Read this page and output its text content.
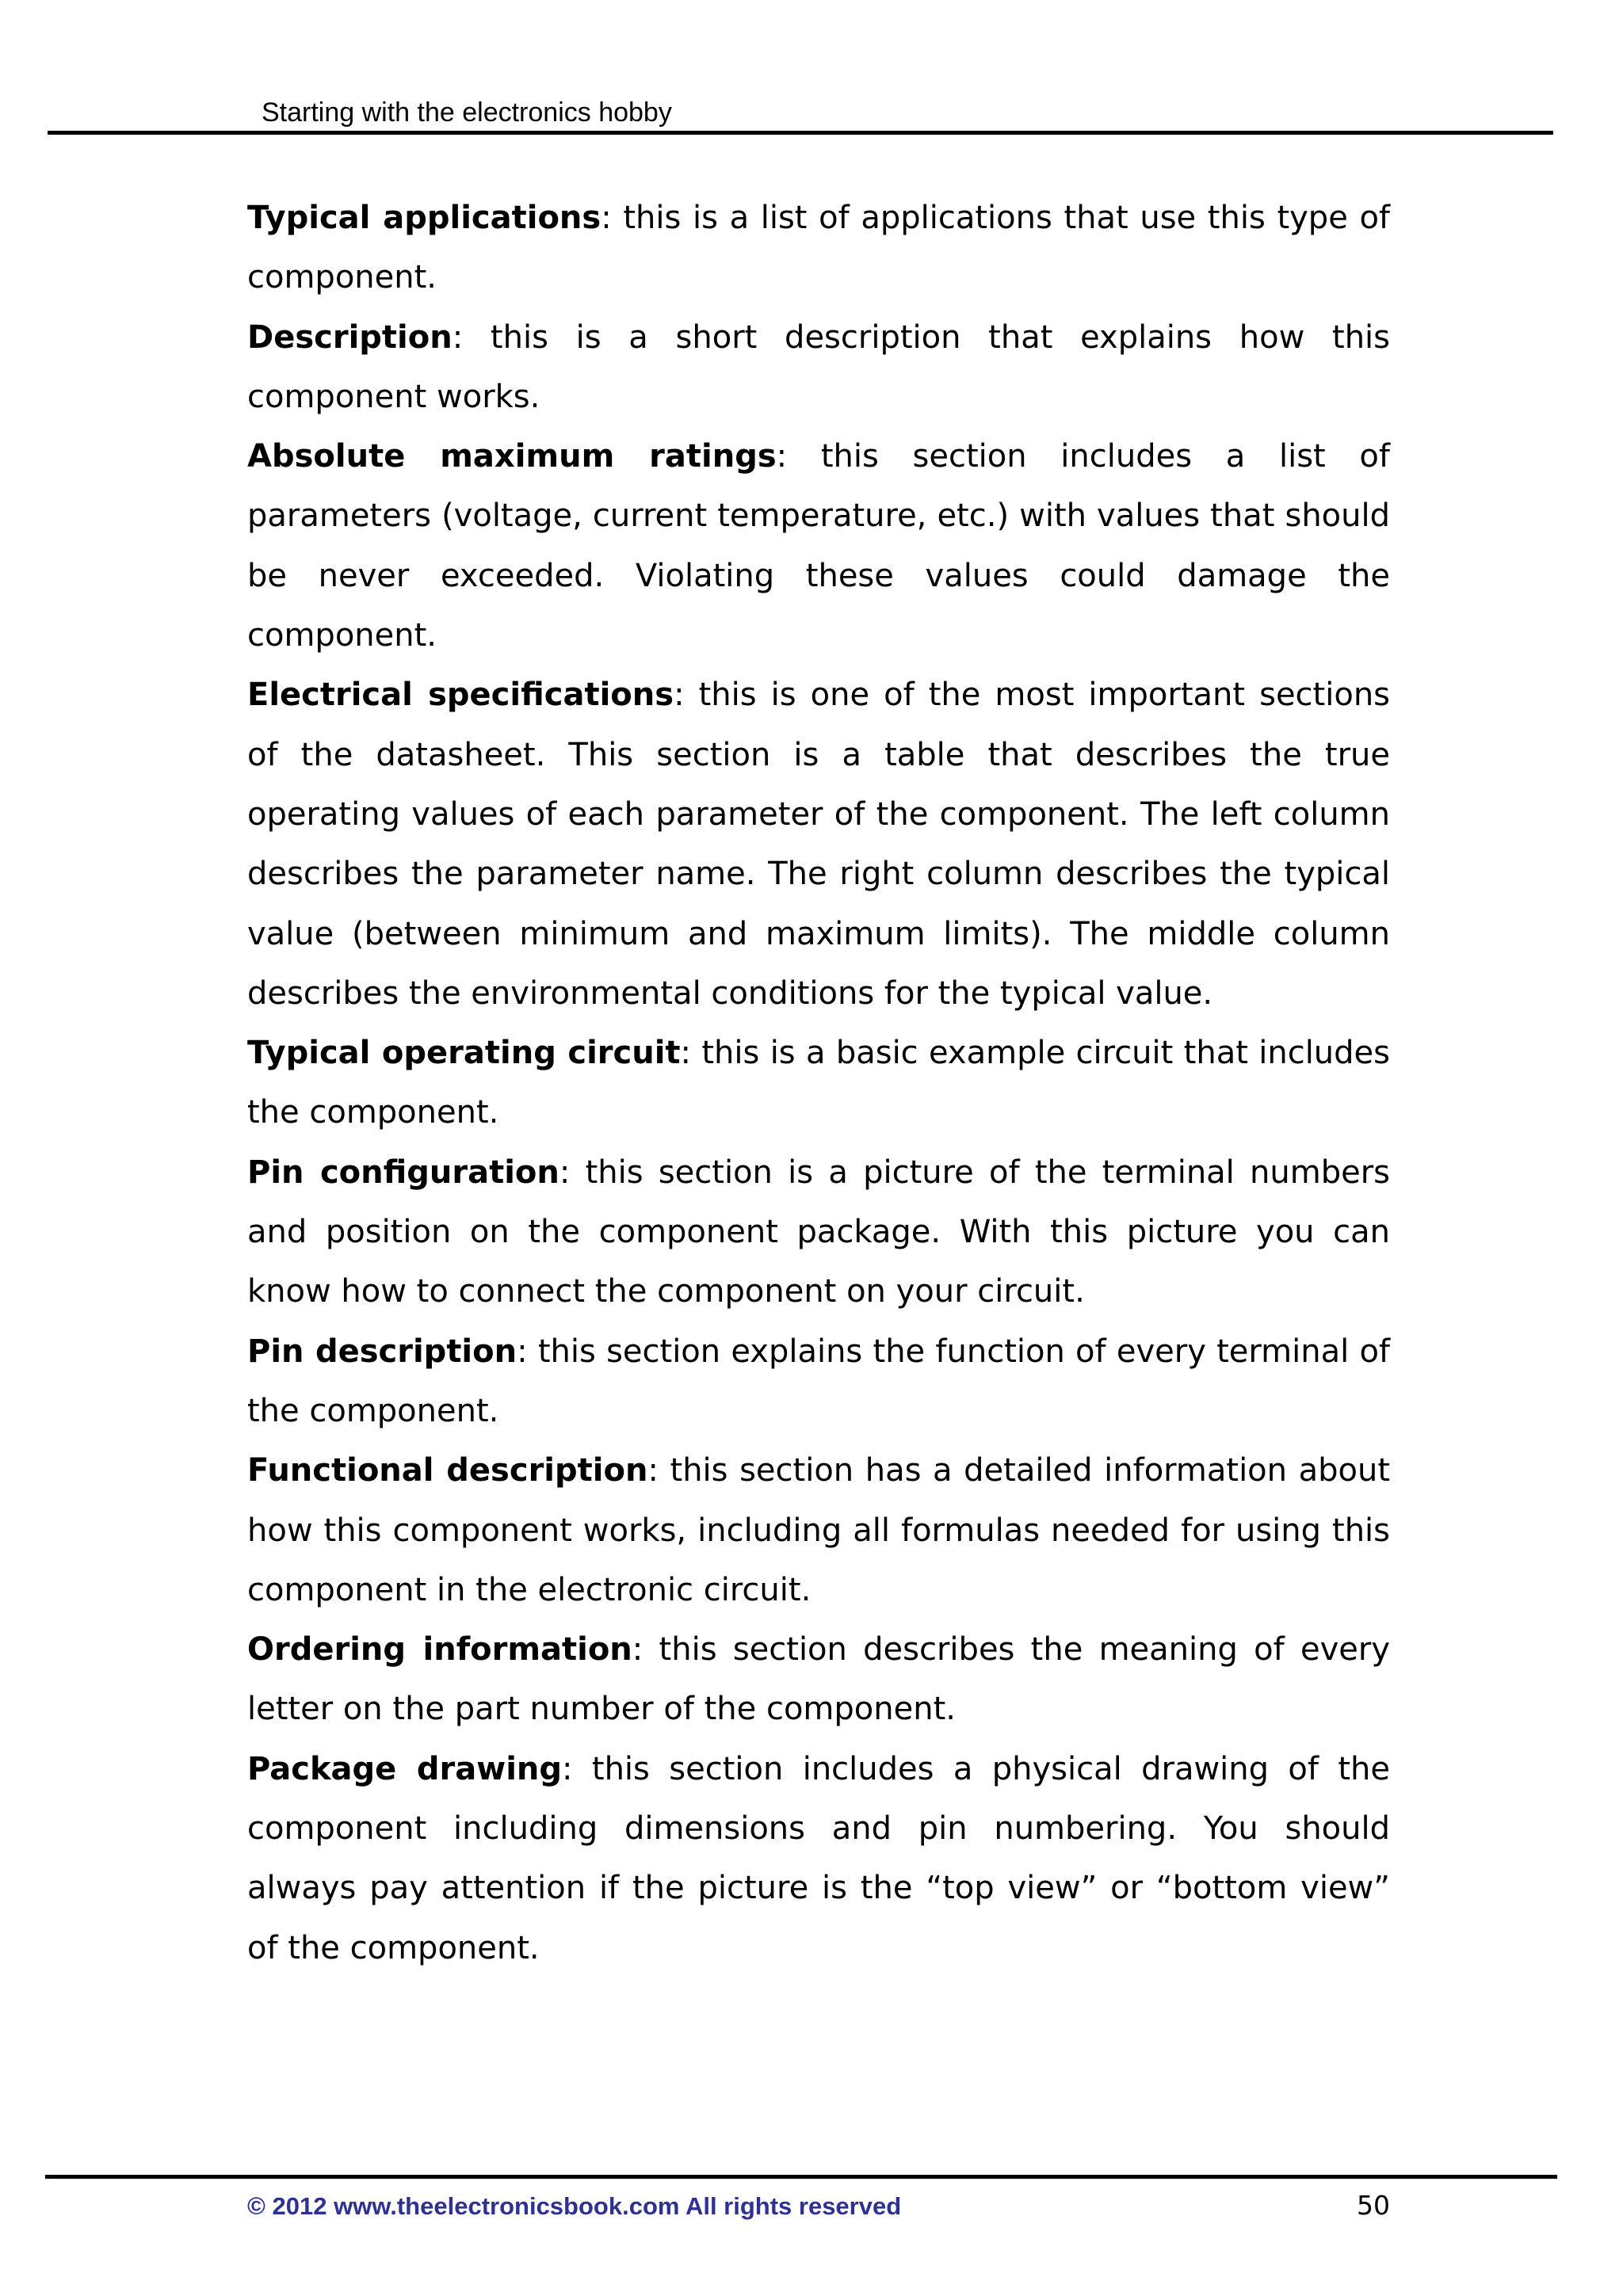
Starting with the electronics hobby

Typical applications: this is a list of applications that use this type of component.

Description: this is a short description that explains how this component works.

Absolute maximum ratings: this section includes a list of parameters (voltage, current temperature, etc.) with values that should be never exceeded. Violating these values could damage the component.

Electrical specifications: this is one of the most important sections of the datasheet. This section is a table that describes the true operating values of each parameter of the component. The left column describes the parameter name. The right column describes the typical value (between minimum and maximum limits). The middle column describes the environmental conditions for the typical value.

Typical operating circuit: this is a basic example circuit that includes the component.

Pin configuration: this section is a picture of the terminal numbers and position on the component package. With this picture you can know how to connect the component on your circuit.

Pin description: this section explains the function of every terminal of the component.

Functional description: this section has a detailed information about how this component works, including all formulas needed for using this component in the electronic circuit.

Ordering information: this section describes the meaning of every letter on the part number of the component.

Package drawing: this section includes a physical drawing of the component including dimensions and pin numbering. You should always pay attention if the picture is the “top view” or “bottom view” of the component.

© 2012 www.theelectronicsbook.com All rights reserved	50
